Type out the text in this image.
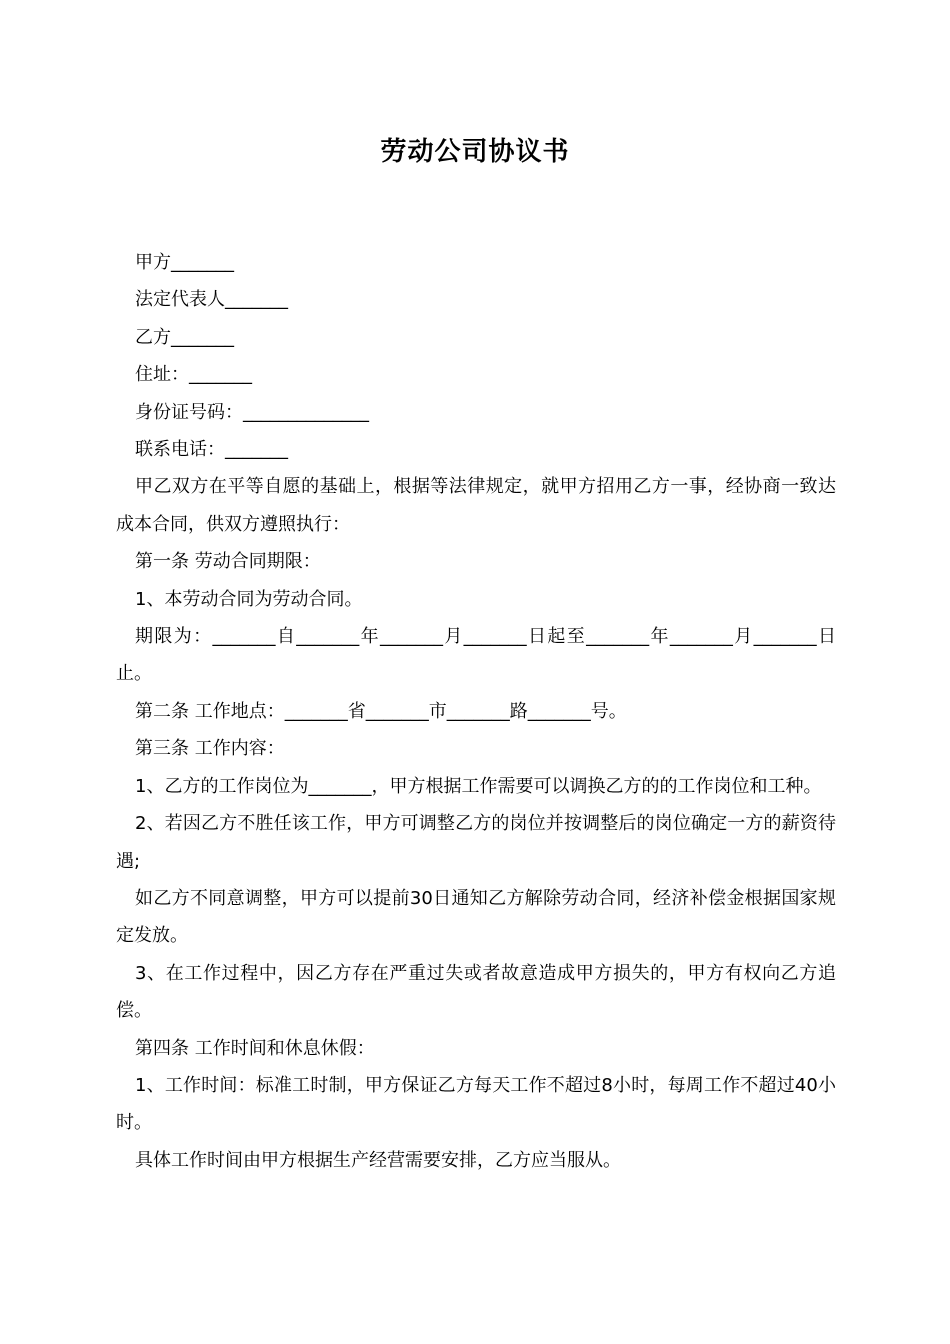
劳动公司协议书

甲方_______

法定代表人_______

乙方_______

住址：_______

身份证号码：______________

联系电话：_______

甲乙双方在平等自愿的基础上，根据等法律规定，就甲方招用乙方一事，经协商一致达成本合同，供双方遵照执行：

第一条 劳动合同期限：

1、本劳动合同为劳动合同。

期限为：_______自_______年_______月_______日起至_______年_______月_______日止。

第二条 工作地点：_______省_______市_______路_______号。

第三条 工作内容：

1、乙方的工作岗位为_______，甲方根据工作需要可以调换乙方的的工作岗位和工种。

2、若因乙方不胜任该工作，甲方可调整乙方的岗位并按调整后的岗位确定一方的薪资待遇;

如乙方不同意调整，甲方可以提前30日通知乙方解除劳动合同，经济补偿金根据国家规定发放。

3、在工作过程中，因乙方存在严重过失或者故意造成甲方损失的，甲方有权向乙方追偿。

第四条 工作时间和休息休假：

1、工作时间：标准工时制，甲方保证乙方每天工作不超过8小时，每周工作不超过40小时。

具体工作时间由甲方根据生产经营需要安排，乙方应当服从。
